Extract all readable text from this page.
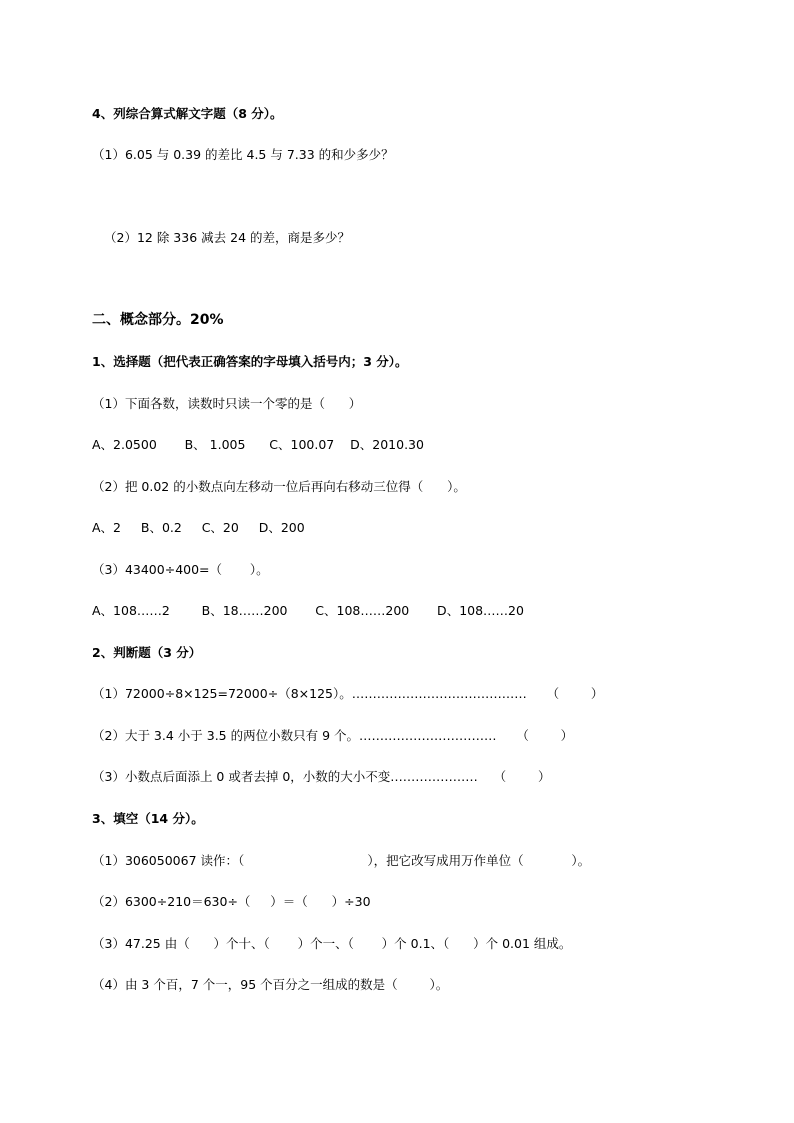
4、列综合算式解文字题（8 分）。

（1）6.05 与 0.39 的差比 4.5 与 7.33 的和少多少？

（2）12 除 336 减去 24 的差，商是多少？

二、概念部分。20%

1、选择题（把代表正确答案的字母填入括号内；3 分）。

（1）下面各数，读数时只读一个零的是（      ）

A、2.0500       B、 1.005      C、100.07    D、2010.30

（2）把 0.02 的小数点向左移动一位后再向右移动三位得（      ）。

A、2     B、0.2     C、20     D、200

（3）43400÷400=（       ）。

A、108……2        B、18……200       C、108……200       D、108……20

2、判断题（3 分）

（1）72000÷8×125=72000÷（8×125）。……………………………………     （        ）

（2）大于 3.4 小于 3.5 的两位小数只有 9 个。……………………………     （        ）

（3）小数点后面添上 0 或者去掉 0，小数的大小不变…………………    （        ）

3、填空（14 分）。

（1）306050067 读作：（                               ），把它改写成用万作单位（            ）。

（2）6300÷210＝630÷（     ）＝（      ）÷30

（3）47.25 由（      ）个十、（       ）个一、（       ）个 0.1、（      ）个 0.01 组成。

（4）由 3 个百，7 个一，95 个百分之一组成的数是（        ）。
